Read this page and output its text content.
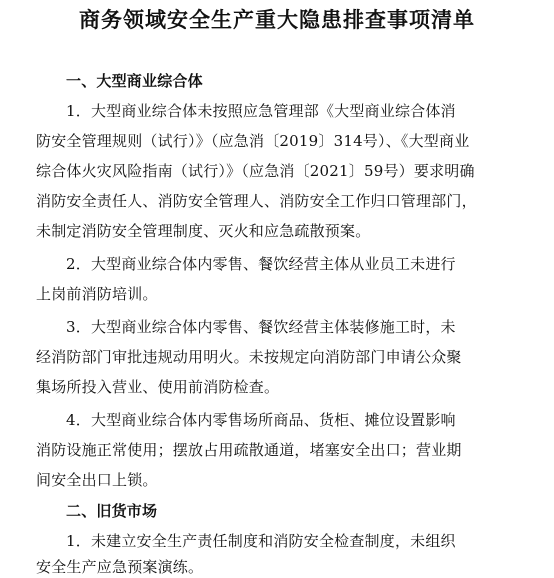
商务领域安全生产重大隐患排查事项清单
一、大型商业综合体
1．大型商业综合体未按照应急管理部《大型商业综合体消
防安全管理规则（试行）》（应急消〔2019〕314号）、《大型商业
综合体火灾风险指南（试行）》（应急消〔2021〕59号）要求明确
消防安全责任人、消防安全管理人、消防安全工作归口管理部门，
未制定消防安全管理制度、灭火和应急疏散预案。
2．大型商业综合体内零售、餐饮经营主体从业员工未进行
上岗前消防培训。
3．大型商业综合体内零售、餐饮经营主体装修施工时，未
经消防部门审批违规动用明火。未按规定向消防部门申请公众聚
集场所投入营业、使用前消防检查。
4．大型商业综合体内零售场所商品、货柜、摊位设置影响
消防设施正常使用；摆放占用疏散通道，堵塞安全出口；营业期
间安全出口上锁。
二、旧货市场
1．未建立安全生产责任制度和消防安全检查制度，未组织
安全生产应急预案演练。
